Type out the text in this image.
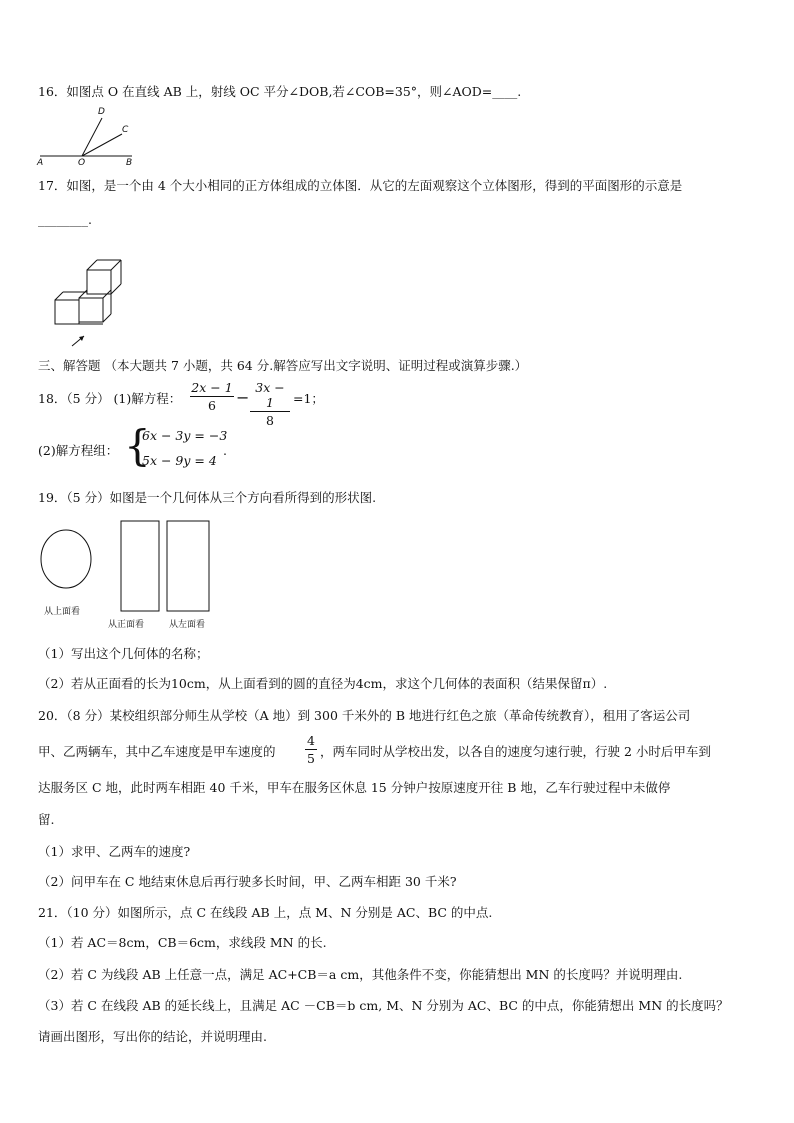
16．如图点 O 在直线 AB 上，射线 OC 平分∠DOB,若∠COB=35°，则∠AOD=____.
A	O	B
C
D
17．如图，是一个由 4 个大小相同的正方体组成的立体图．从它的左面观察这个立体图形，得到的平面图形的示意是
________.
三、解答题 （本大题共 7 小题，共 64 分.解答应写出文字说明、证明过程或演算步骤.）
18．（5 分） (1)解方程：
2x − 1
6	−
3x − 1
8
=1；
(2)解方程组： {
6x − 3y = −3
5x − 9y = 4
.
19．（5 分）如图是一个几何体从三个方向看所得到的形状图.
从上面看
从正面看	从左面看
（1）写出这个几何体的名称；
（2）若从正面看的长为10cm，从上面看到的圆的直径为4cm，求这个几何体的表面积（结果保留π）.
20．（8 分）某校组织部分师生从学校（A 地）到 300 千米外的 B 地进行红色之旅（革命传统教育），租用了客运公司
甲、乙两辆车，其中乙车速度是甲车速度的
4
5 ，两车同时从学校出发，以各自的速度匀速行驶，行驶 2 小时后甲车到
达服务区 C 地，此时两车相距 40 千米，甲车在服务区休息 15 分钟户按原速度开往 B 地，乙车行驶过程中未做停
留.
（1）求甲、乙两车的速度?
（2）问甲车在 C 地结束休息后再行驶多长时间，甲、乙两车相距 30 千米?
21．（10 分）如图所示，点 C 在线段 AB 上，点 M、N 分别是 AC、BC 的中点.
（1）若 AC＝8cm，CB＝6cm，求线段 MN 的长.
（2）若 C 为线段 AB 上任意一点，满足 AC+CB＝a cm，其他条件不变，你能猜想出 MN 的长度吗？并说明理由.
（3）若 C 在线段 AB 的延长线上，且满足 AC －CB＝b cm, M、N 分别为 AC、BC 的中点，你能猜想出 MN 的长度吗？
请画出图形，写出你的结论，并说明理由.
